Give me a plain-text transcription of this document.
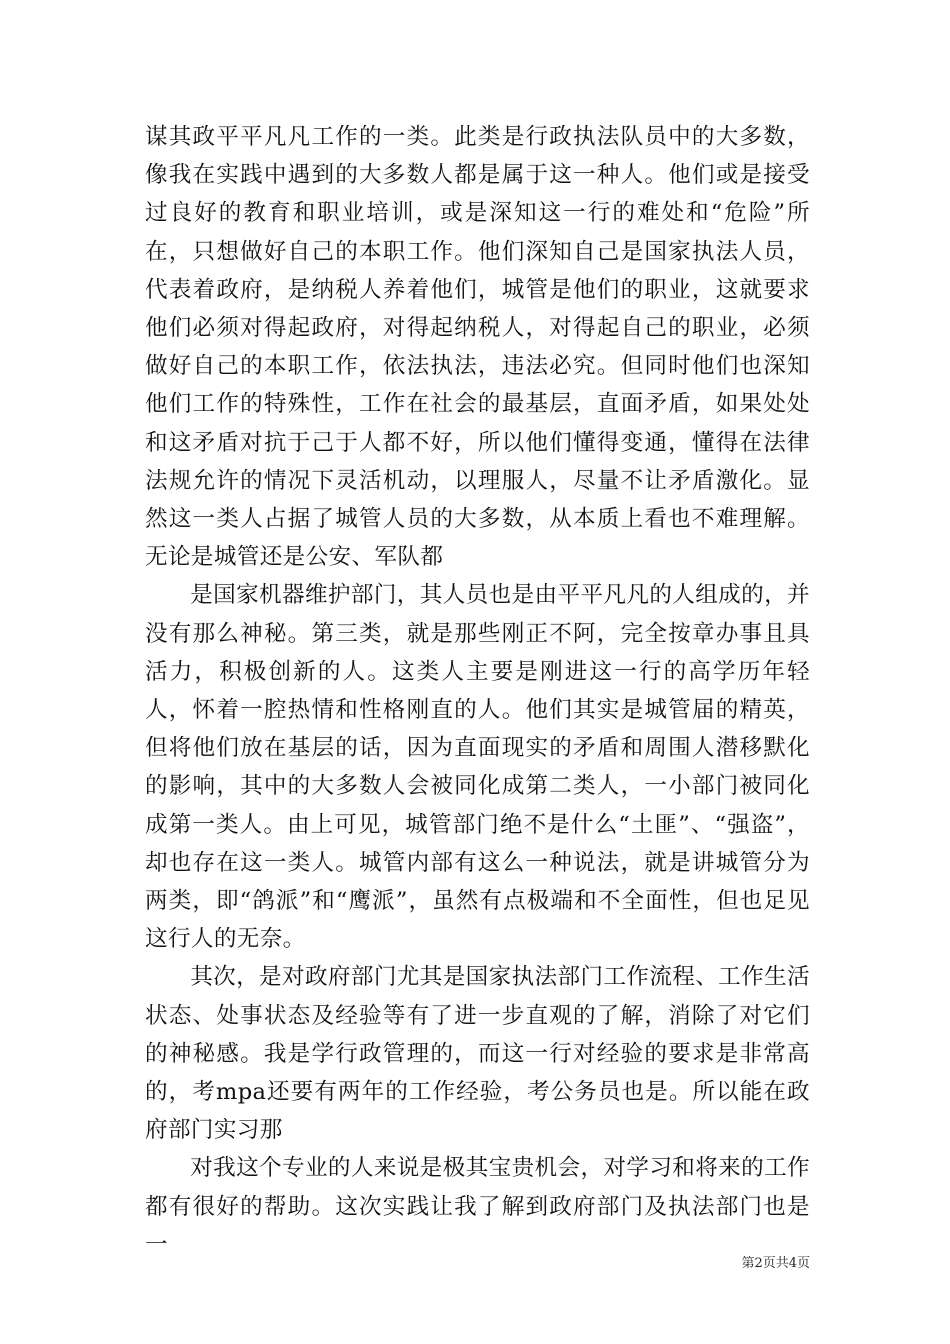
谋其政平平凡凡工作的一类。此类是行政执法队员中的大多数，像我在实践中遇到的大多数人都是属于这一种人。他们或是接受过良好的教育和职业培训，或是深知这一行的难处和“危险”所在，只想做好自己的本职工作。他们深知自己是国家执法人员，代表着政府，是纳税人养着他们，城管是他们的职业，这就要求他们必须对得起政府，对得起纳税人，对得起自己的职业，必须做好自己的本职工作，依法执法，违法必究。但同时他们也深知他们工作的特殊性，工作在社会的最基层，直面矛盾，如果处处和这矛盾对抗于己于人都不好，所以他们懂得变通，懂得在法律法规允许的情况下灵活机动，以理服人，尽量不让矛盾激化。显然这一类人占据了城管人员的大多数，从本质上看也不难理解。无论是城管还是公安、军队都

是国家机器维护部门，其人员也是由平平凡凡的人组成的，并没有那么神秘。第三类，就是那些刚正不阿，完全按章办事且具活力，积极创新的人。这类人主要是刚进这一行的高学历年轻人，怀着一腔热情和性格刚直的人。他们其实是城管届的精英，但将他们放在基层的话，因为直面现实的矛盾和周围人潜移默化的影响，其中的大多数人会被同化成第二类人，一小部门被同化成第一类人。由上可见，城管部门绝不是什么“土匪”、“强盗”，却也存在这一类人。城管内部有这么一种说法，就是讲城管分为两类，即“鸽派”和“鹰派”，虽然有点极端和不全面性，但也足见这行人的无奈。

其次，是对政府部门尤其是国家执法部门工作流程、工作生活状态、处事状态及经验等有了进一步直观的了解，消除了对它们的神秘感。我是学行政管理的，而这一行对经验的要求是非常高的，考mpa还要有两年的工作经验，考公务员也是。所以能在政府部门实习那

对我这个专业的人来说是极其宝贵机会，对学习和将来的工作都有很好的帮助。这次实践让我了解到政府部门及执法部门也是一

第2页共4页
